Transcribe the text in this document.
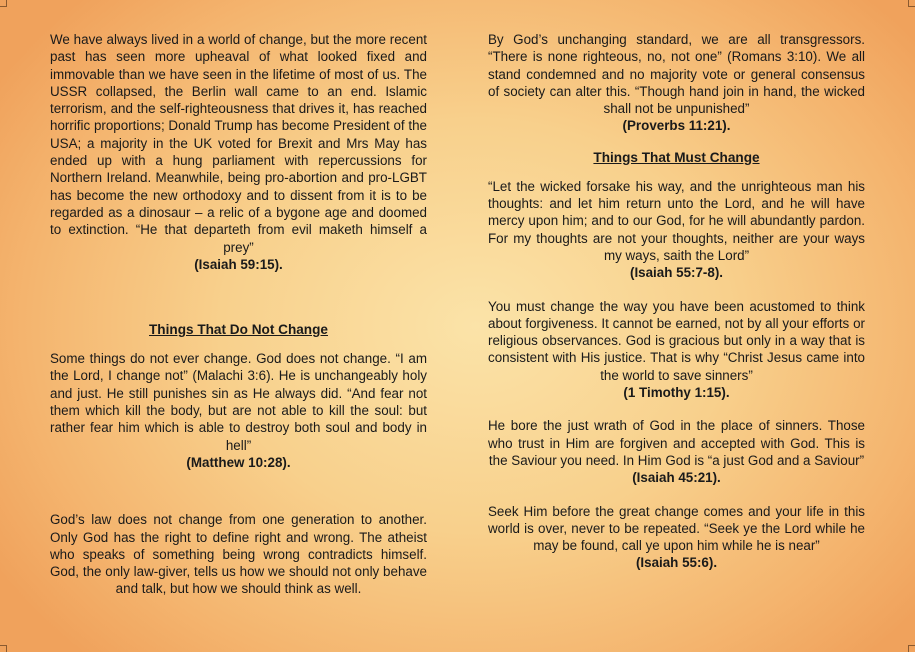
We have always lived in a world of change, but the more recent past has seen more upheaval of what looked fixed and immovable than we have seen in the lifetime of most of us. The USSR collapsed, the Berlin wall came to an end. Islamic terrorism, and the self-righteousness that drives it, has reached horrific proportions; Donald Trump has become President of the USA; a majority in the UK voted for Brexit and Mrs May has ended up with a hung parliament with repercussions for Northern Ireland. Meanwhile, being pro-abortion and pro-LGBT has become the new orthodoxy and to dissent from it is to be regarded as a dinosaur – a relic of a bygone age and doomed to extinction. “He that departeth from evil maketh himself a prey”
(Isaiah 59:15).

Things That Do Not Change

Some things do not ever change. God does not change. “I am the Lord, I change not” (Malachi 3:6). He is unchangeably holy and just. He still punishes sin as He always did. “And fear not them which kill the body, but are not able to kill the soul: but rather fear him which is able to destroy both soul and body in hell”
(Matthew 10:28).

God’s law does not change from one generation to another. Only God has the right to define right and wrong. The atheist who speaks of something being wrong contradicts himself. God, the only law-giver, tells us how we should not only behave and talk, but how we should think as well.

By God’s unchanging standard, we are all transgressors. “There is none righteous, no, not one” (Romans 3:10). We all stand condemned and no majority vote or general consensus of society can alter this. “Though hand join in hand, the wicked shall not be unpunished”
(Proverbs 11:21).

Things That Must Change

“Let the wicked forsake his way, and the unrighteous man his thoughts: and let him return unto the Lord, and he will have mercy upon him; and to our God, for he will abundantly pardon. For my thoughts are not your thoughts, neither are your ways my ways, saith the Lord”
(Isaiah 55:7-8).

You must change the way you have been acustomed to think about forgiveness. It cannot be earned, not by all your efforts or religious observances. God is gracious but only in a way that is consistent with His justice. That is why “Christ Jesus came into the world to save sinners”
(1 Timothy 1:15).

He bore the just wrath of God in the place of sinners. Those who trust in Him are forgiven and accepted with God. This is the Saviour you need. In Him God is “a just God and a Saviour”
(Isaiah 45:21).

Seek Him before the great change comes and your life in this world is over, never to be repeated. “Seek ye the Lord while he may be found, call ye upon him while he is near”
(Isaiah 55:6).
